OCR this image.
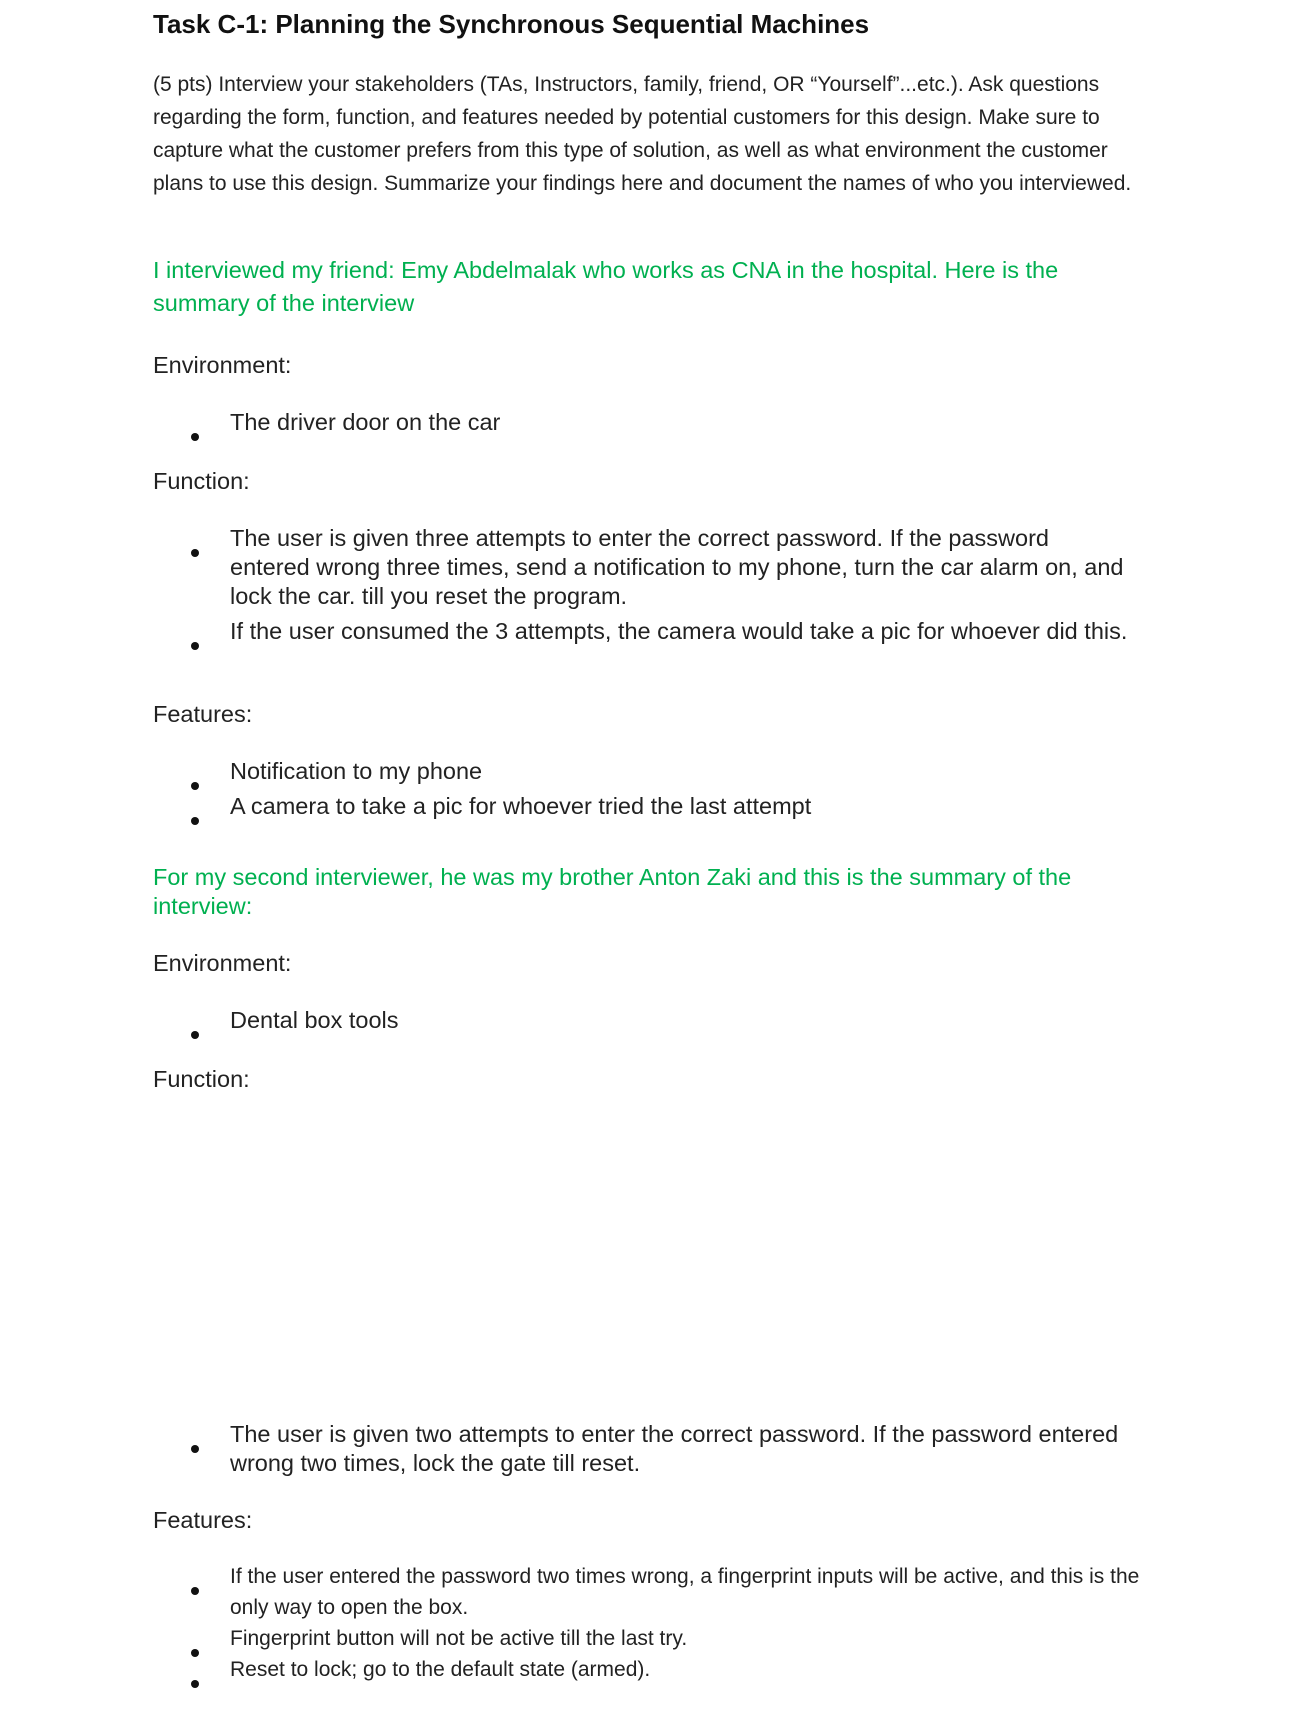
Task C-1: Planning the Synchronous Sequential Machines

(5 pts) Interview your stakeholders (TAs, Instructors, family, friend, OR “Yourself”...etc.). Ask questions regarding the form, function, and features needed by potential customers for this design. Make sure to capture what the customer prefers from this type of solution, as well as what environment the customer plans to use this design. Summarize your findings here and document the names of who you interviewed.

I interviewed my friend: Emy Abdelmalak who works as CNA in the hospital. Here is the summary of the interview

Environment:

The driver door on the car

Function:

The user is given three attempts to enter the correct password. If the password entered wrong three times, send a notification to my phone, turn the car alarm on, and lock the car. till you reset the program.
If the user consumed the 3 attempts, the camera would take a pic for whoever did this.

Features:

Notification to my phone
A camera to take a pic for whoever tried the last attempt

For my second interviewer, he was my brother Anton Zaki and this is the summary of the interview:

Environment:

Dental box tools

Function:

The user is given two attempts to enter the correct password. If the password entered wrong two times, lock the gate till reset.

Features:

If the user entered the password two times wrong, a fingerprint inputs will be active, and this is the only way to open the box.
Fingerprint button will not be active till the last try.
Reset to lock; go to the default state (armed).
